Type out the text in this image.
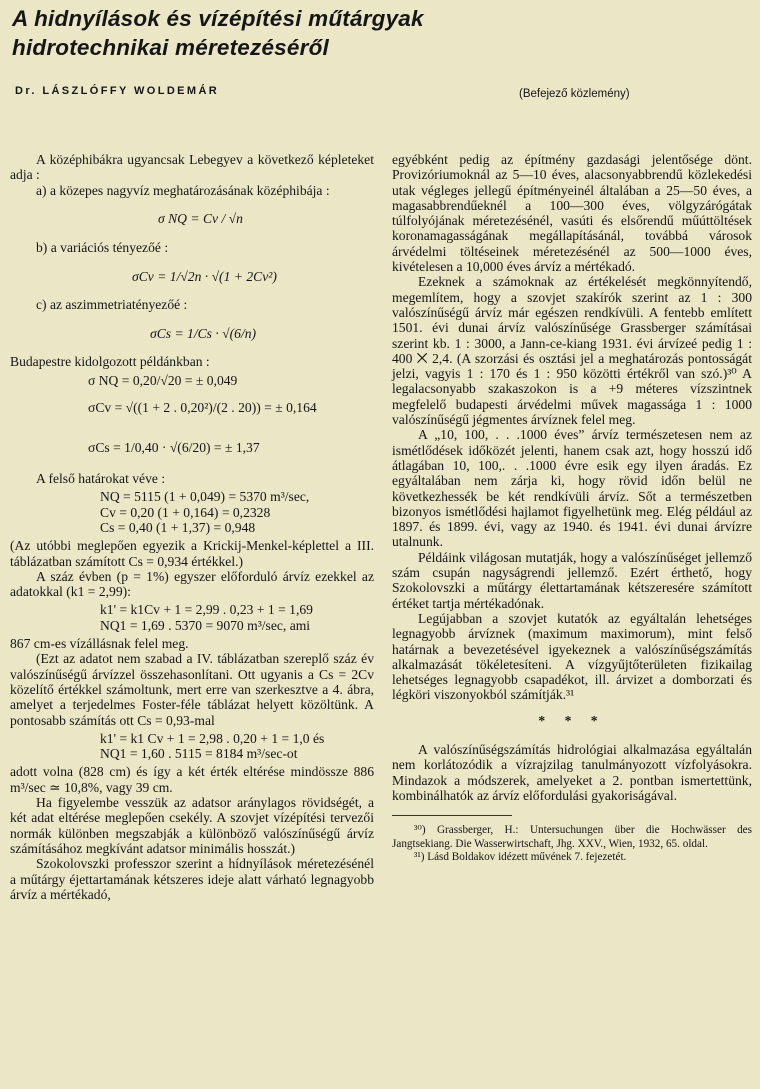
A hidnyílások és vízépítési műtárgyak
hidrotechnikai méretezéséről
Dr. LÁSZLÓFFY WOLDEMÁR	(Befejező közlemény)

A középhibákra ugyancsak Lebegyev a következő képleteket adja :

a) a közepes nagyvíz meghatározásának középhibája :

σ NQ = Cv / √n

b) a variációs tényezőé :

σCv = 1/√2n · √(1 + 2Cv²)

c) az aszimmetriatényezőé :

σCs = 1/Cs · √(6/n)

Budapestre kidolgozott példánkban :

σ NQ = 0,20/√20 = ± 0,049
σCv = √((1 + 2 . 0,20²)/(2 . 20)) = ± 0,164
σCs = 1/0,40 · √(6/20) = ± 1,37

A felső határokat véve :

NQ = 5115 (1 + 0,049) = 5370 m³/sec,
Cv = 0,20 (1 + 0,164) = 0,2328
Cs = 0,40 (1 + 1,37) = 0,948

(Az utóbbi meglepően egyezik a Krickij-Menkel-képlettel a III. táblázatban számított Cs = 0,934 értékkel.)

A száz évben (p = 1%) egyszer előforduló árvíz ezekkel az adatokkal (k1 = 2,99):

k1' = k1Cv + 1 = 2,99 . 0,23 + 1 = 1,69
NQ1 = 1,69 . 5370 = 9070 m³/sec, ami

867 cm-es vízállásnak felel meg.

(Ezt az adatot nem szabad a IV. táblázatban szereplő száz év valószínűségű árvízzel összehasonlítani. Ott ugyanis a Cs = 2Cv közelítő értékkel számoltunk, mert erre van szerkesztve a 4. ábra, amelyet a terjedelmes Foster-féle táblázat helyett közöltünk. A pontosabb számítás ott Cs = 0,93-mal

k1' = k1 Cv + 1 = 2,98 . 0,20 + 1 = 1,0 és
NQ1 = 1,60 . 5115 = 8184 m³/sec-ot

adott volna (828 cm) és így a két érték eltérése mindössze 886 m³/sec ≃ 10,8%, vagy 39 cm.

Ha figyelembe vesszük az adatsor aránylagos rövidségét, a két adat eltérése meglepően csekély. A szovjet vízépítési tervezői normák különben megszabják a különböző valószínűségű árvíz számításához megkívánt adatsor minimális hosszát.)

Szokolovszki professzor szerint a hídnyílások méretezésénél a műtárgy éjettartamának kétszeres ideje alatt várható legnagyobb árvíz a mértékadó,

egyébként pedig az építmény gazdasági jelentősége dönt. Provizóriumoknál az 5—10 éves, alacsonyabbrendű közlekedési utak végleges jellegű építményeinél általában a 25—50 éves, a magasabbrendűeknél a 100—300 éves, völgyzárógátak túlfolyójának méretezésénél, vasúti és elsőrendű műúttöltések koronamagasságának megállapításánál, továbbá városok árvédelmi töltéseinek méretezésénél az 500—1000 éves, kivételesen a 10,000 éves árvíz a mértékadó.

Ezeknek a számoknak az értékelését megkönnyítendő, megemlítem, hogy a szovjet szakírók szerint az 1 : 300 valószínűségű árvíz már egészen rendkívüli. A fentebb említett 1501. évi dunai árvíz valószínűsége Grassberger számításai szerint kb. 1 : 3000, a Jann-ce-kiang 1931. évi árvízeé pedig 1 : 400 ⨉ 2,4. (A szorzási és osztási jel a meghatározás pontosságát jelzi, vagyis 1 : 170 és 1 : 950 közötti értékről van szó.)³⁰ A legalacsonyabb szakaszokon is a +9 méteres vízszintnek megfelelő budapesti árvédelmi művek magassága 1 : 1000 valószínűségű jégmentes árvíznek felel meg.

A „10, 100, . . .1000 éves” árvíz természetesen nem az ismétlődések időközét jelenti, hanem csak azt, hogy hosszú idő átlagában 10, 100,. . .1000 évre esik egy ilyen áradás. Ez egyáltalában nem zárja ki, hogy rövid időn belül ne következhessék be két rendkívüli árvíz. Sőt a természetben bizonyos ismétlődési hajlamot figyelhetünk meg. Elég például az 1897. és 1899. évi, vagy az 1940. és 1941. évi dunai árvízre utalnunk.

Példáink világosan mutatják, hogy a valószínűséget jellemző szám csupán nagyságrendi jellemző. Ezért érthető, hogy Szokolovszki a műtárgy élettartamának kétszeresére számított értéket tartja mértékadónak.

Legújabban a szovjet kutatók az egyáltalán lehetséges legnagyobb árvíznek (maximum maximorum), mint felső határnak a bevezetésével igyekeznek a valószínűségszámítás alkalmazását tökéletesíteni. A vízgyűjtőterületen fizikailag lehetséges legnagyobb csapadékot, ill. árvizet a domborzati és légköri viszonyokból számítják.³¹

* * *

A valószínűségszámítás hidrológiai alkalmazása egyáltalán nem korlátozódik a vízrajzilag tanulmányozott vízfolyásokra. Mindazok a módszerek, amelyeket a 2. pontban ismertettünk, kombinálhatók az árvíz előfordulási gyakoriságával.

³⁰) Grassberger, H.: Untersuchungen über die Hochwässer des Jangtsekiang. Die Wasserwirtschaft, Jhg. XXV., Wien, 1932, 65. oldal.

³¹) Lásd Boldakov idézett művének 7. fejezetét.
